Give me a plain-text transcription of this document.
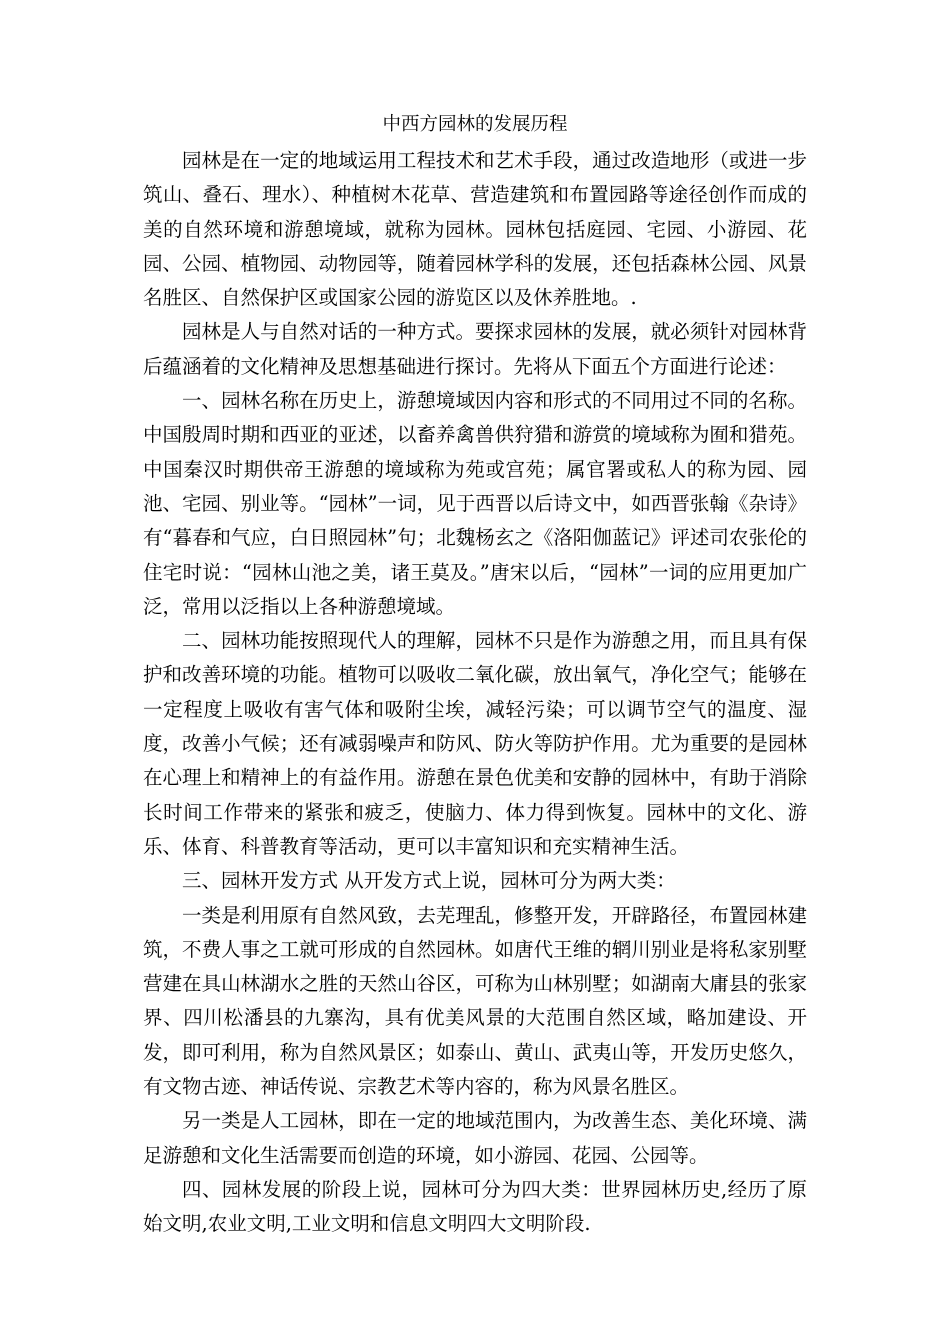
中西方园林的发展历程

园林是在一定的地域运用工程技术和艺术手段，通过改造地形（或进一步筑山、叠石、理水）、种植树木花草、营造建筑和布置园路等途径创作而成的美的自然环境和游憩境域，就称为园林。园林包括庭园、宅园、小游园、花园、公园、植物园、动物园等，随着园林学科的发展，还包括森林公园、风景名胜区、自然保护区或国家公园的游览区以及休养胜地。.

园林是人与自然对话的一种方式。要探求园林的发展，就必须针对园林背后蕴涵着的文化精神及思想基础进行探讨。先将从下面五个方面进行论述：

一、园林名称在历史上，游憩境域因内容和形式的不同用过不同的名称。中国殷周时期和西亚的亚述，以畜养禽兽供狩猎和游赏的境域称为囿和猎苑。中国秦汉时期供帝王游憩的境域称为苑或宫苑；属官署或私人的称为园、园池、宅园、别业等。“园林”一词，见于西晋以后诗文中，如西晋张翰《杂诗》有“暮春和气应，白日照园林”句；北魏杨玄之《洛阳伽蓝记》评述司农张伦的住宅时说：“园林山池之美，诸王莫及。”唐宋以后，“园林”一词的应用更加广泛，常用以泛指以上各种游憩境域。

二、园林功能按照现代人的理解，园林不只是作为游憩之用，而且具有保护和改善环境的功能。植物可以吸收二氧化碳，放出氧气，净化空气；能够在一定程度上吸收有害气体和吸附尘埃，减轻污染；可以调节空气的温度、湿度，改善小气候；还有减弱噪声和防风、防火等防护作用。尤为重要的是园林在心理上和精神上的有益作用。游憩在景色优美和安静的园林中，有助于消除长时间工作带来的紧张和疲乏，使脑力、体力得到恢复。园林中的文化、游乐、体育、科普教育等活动，更可以丰富知识和充实精神生活。

三、园林开发方式 从开发方式上说，园林可分为两大类：

一类是利用原有自然风致，去芜理乱，修整开发，开辟路径，布置园林建筑，不费人事之工就可形成的自然园林。如唐代王维的辋川别业是将私家别墅营建在具山林湖水之胜的天然山谷区，可称为山林别墅；如湖南大庸县的张家界、四川松潘县的九寨沟，具有优美风景的大范围自然区域，略加建设、开发，即可利用，称为自然风景区；如泰山、黄山、武夷山等，开发历史悠久，有文物古迹、神话传说、宗教艺术等内容的，称为风景名胜区。

另一类是人工园林，即在一定的地域范围内，为改善生态、美化环境、满足游憩和文化生活需要而创造的环境，如小游园、花园、公园等。

四、园林发展的阶段上说，园林可分为四大类：世界园林历史,经历了原始文明,农业文明,工业文明和信息文明四大文明阶段.
